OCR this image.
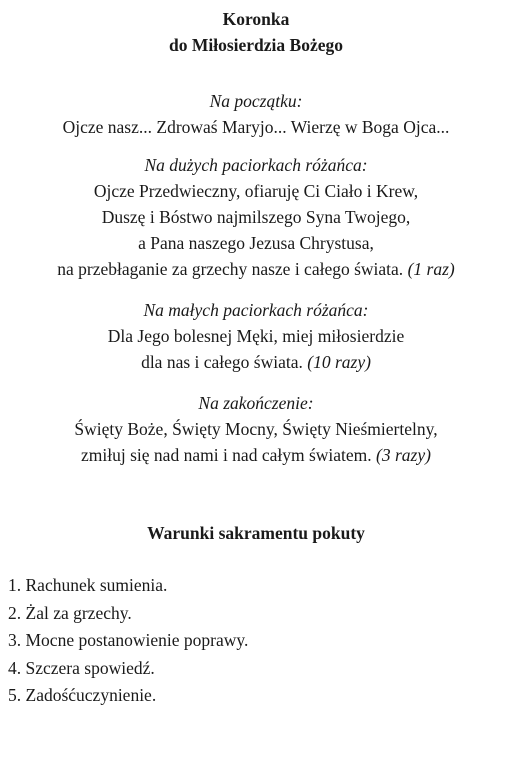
Koronka
do Miłosierdzia Bożego
Na początku:
Ojcze nasz... Zdrowaś Maryjo... Wierzę w Boga Ojca...
Na dużych paciorkach różańca:
Ojcze Przedwieczny, ofiaruję Ci Ciało i Krew,
Duszę i Bóstwo najmilszego Syna Twojego,
a Pana naszego Jezusa Chrystusa,
na przebłaganie za grzechy nasze i całego świata. (1 raz)
Na małych paciorkach różańca:
Dla Jego bolesnej Męki, miej miłosierdzie
dla nas i całego świata. (10 razy)
Na zakończenie:
Święty Boże, Święty Mocny, Święty Nieśmiertelny,
zmiłuj się nad nami i nad całym światem. (3 razy)
Warunki sakramentu pokuty
1. Rachunek sumienia.
2. Żal za grzechy.
3. Mocne postanowienie poprawy.
4. Szczera spowiedź.
5. Zadośćuczynienie.
